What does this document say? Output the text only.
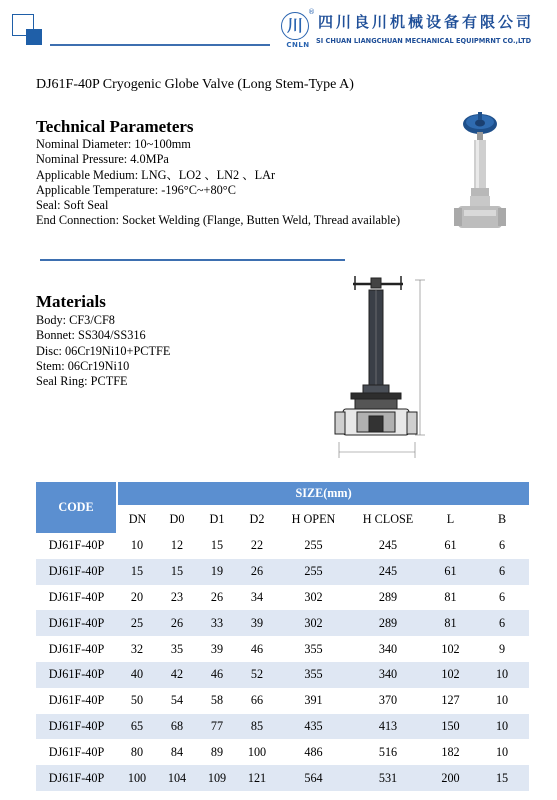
川
®
CNLN
四川良川机械设备有限公司
SI CHUAN LIANGCHUAN MECHANICAL EQUIPMRNT CO.,LTD
DJ61F-40P Cryogenic Globe Valve (Long Stem-Type A)
Technical Parameters
Nominal Diameter: 10~100mm
Nominal Pressure: 4.0MPa
Applicable Medium: LNG、LO2 、LN2 、LAr
Applicable Temperature: -196°C~+80°C
Seal: Soft Seal
End Connection: Socket Welding (Flange, Butten Weld, Thread available)
Materials
Body: CF3/CF8
Bonnet: SS304/SS316
Disc: 06Cr19Ni10+PCTFE
Stem: 06Cr19Ni10
Seal Ring: PCTFE
CODE	SIZE(mm)							
	DN	D0	D1	D2	H OPEN	H CLOSE	L	B
DJ61F-40P	10	12	15	22	255	245	61	6
DJ61F-40P	15	15	19	26	255	245	61	6
DJ61F-40P	20	23	26	34	302	289	81	6
DJ61F-40P	25	26	33	39	302	289	81	6
DJ61F-40P	32	35	39	46	355	340	102	9
DJ61F-40P	40	42	46	52	355	340	102	10
DJ61F-40P	50	54	58	66	391	370	127	10
DJ61F-40P	65	68	77	85	435	413	150	10
DJ61F-40P	80	84	89	100	486	516	182	10
DJ61F-40P	100	104	109	121	564	531	200	15
